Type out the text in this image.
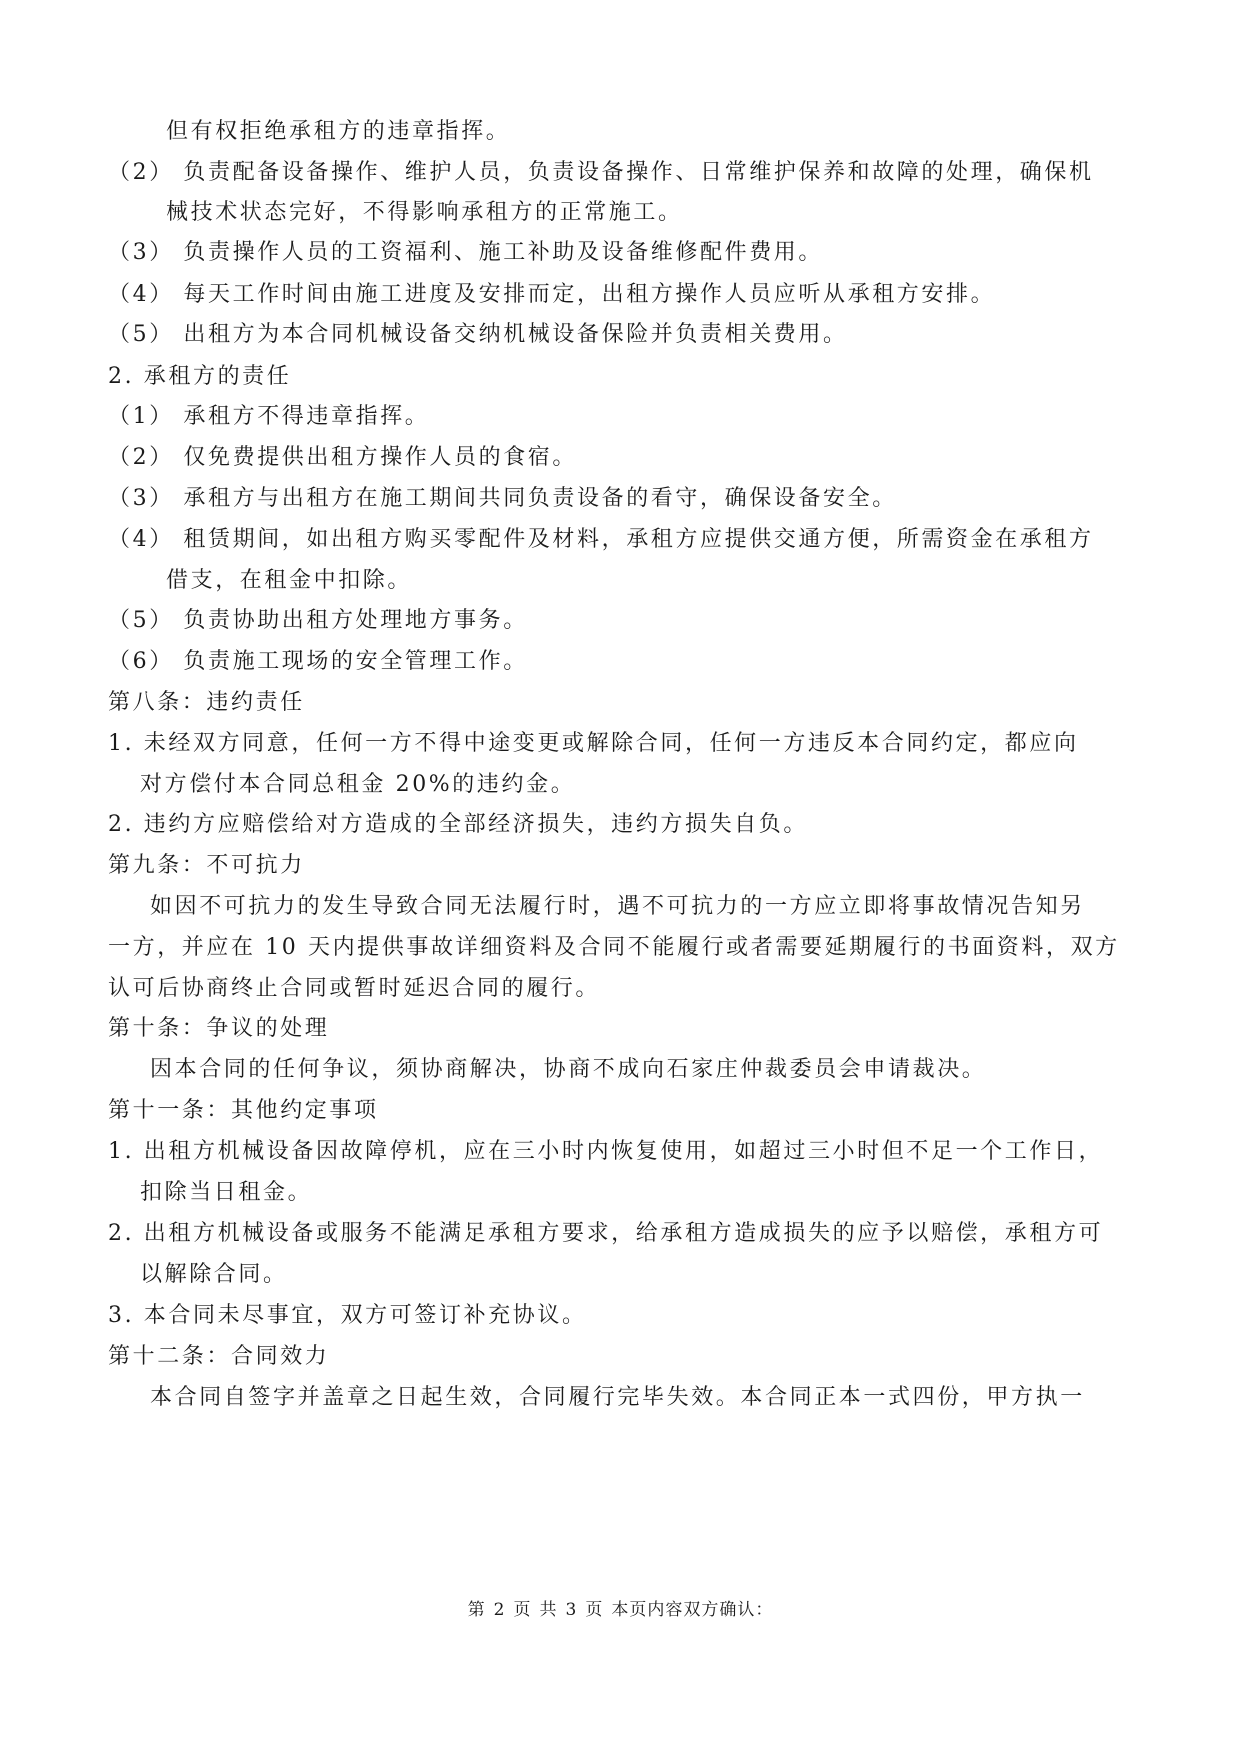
但有权拒绝承租方的违章指挥。
（2） 负责配备设备操作、维护人员，负责设备操作、日常维护保养和故障的处理，确保机
械技术状态完好，不得影响承租方的正常施工。
（3） 负责操作人员的工资福利、施工补助及设备维修配件费用。
（4） 每天工作时间由施工进度及安排而定，出租方操作人员应听从承租方安排。
（5） 出租方为本合同机械设备交纳机械设备保险并负责相关费用。
2. 承租方的责任
（1） 承租方不得违章指挥。
（2） 仅免费提供出租方操作人员的食宿。
（3） 承租方与出租方在施工期间共同负责设备的看守，确保设备安全。
（4） 租赁期间，如出租方购买零配件及材料，承租方应提供交通方便，所需资金在承租方
借支，在租金中扣除。
（5） 负责协助出租方处理地方事务。
（6） 负责施工现场的安全管理工作。
第八条：违约责任
1. 未经双方同意，任何一方不得中途变更或解除合同，任何一方违反本合同约定，都应向
对方偿付本合同总租金 20%的违约金。
2. 违约方应赔偿给对方造成的全部经济损失，违约方损失自负。
第九条：不可抗力
如因不可抗力的发生导致合同无法履行时，遇不可抗力的一方应立即将事故情况告知另
一方，并应在 10 天内提供事故详细资料及合同不能履行或者需要延期履行的书面资料，双方
认可后协商终止合同或暂时延迟合同的履行。
第十条：争议的处理
因本合同的任何争议，须协商解决，协商不成向石家庄仲裁委员会申请裁决。
第十一条：其他约定事项
1. 出租方机械设备因故障停机，应在三小时内恢复使用，如超过三小时但不足一个工作日，
扣除当日租金。
2. 出租方机械设备或服务不能满足承租方要求，给承租方造成损失的应予以赔偿，承租方可
以解除合同。
3. 本合同未尽事宜，双方可签订补充协议。
第十二条：合同效力
本合同自签字并盖章之日起生效，合同履行完毕失效。本合同正本一式四份，甲方执一
第 2 页 共 3 页 本页内容双方确认：
